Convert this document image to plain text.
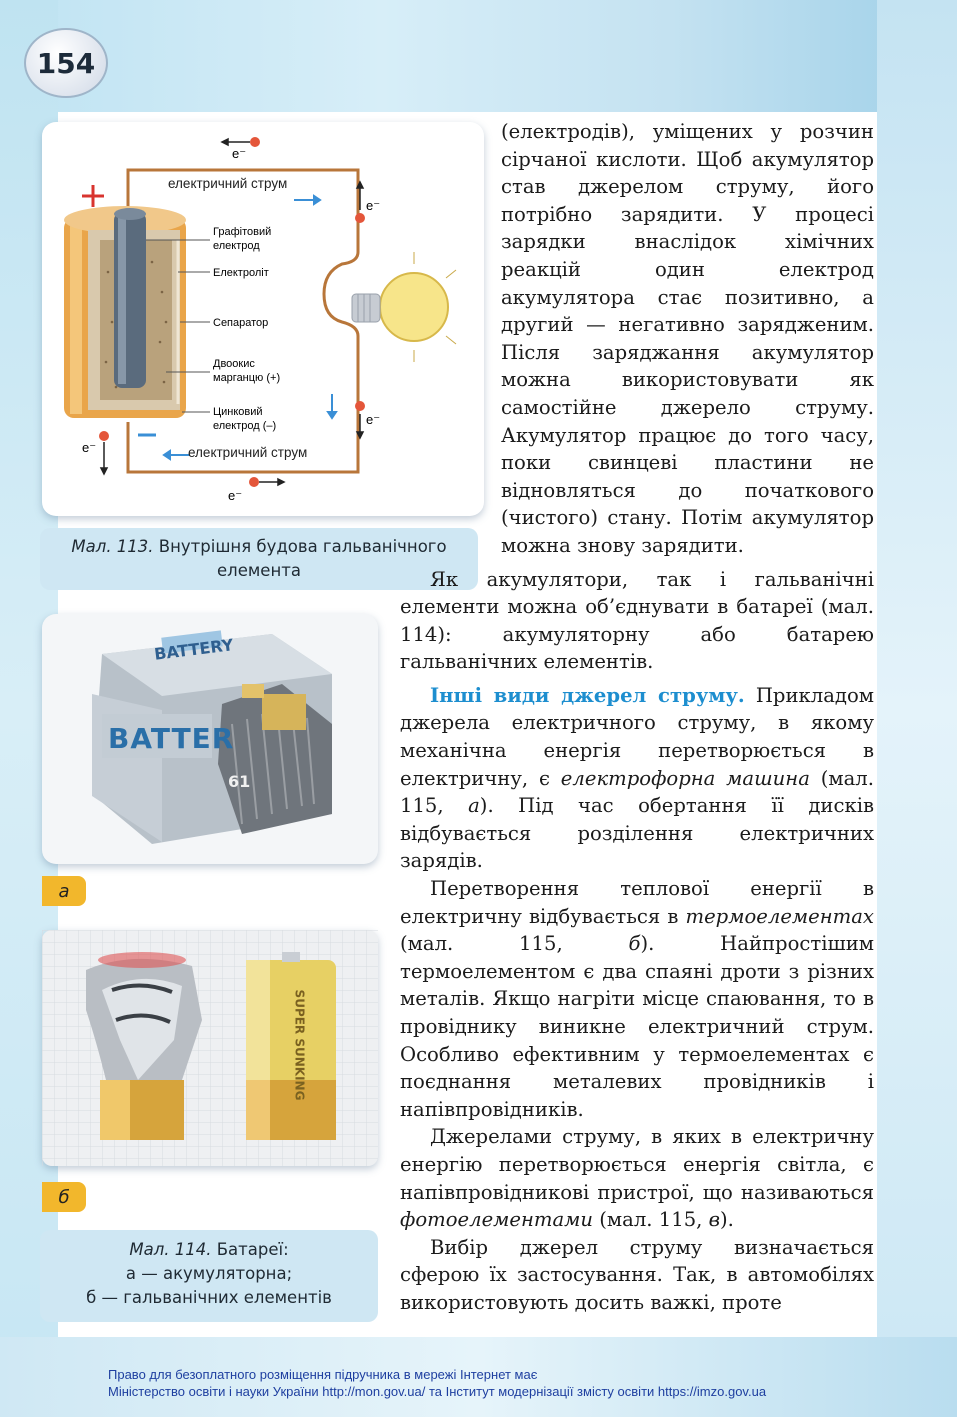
154
e⁻
електричний струм
e⁻
Графітовий
електрод
Електроліт
Сепаратор
Двоокис
марганцю (+)
Цинковий
електрод (–)	e⁻
e⁻	електричний струм
e⁻
Мал. 113. Внутрішня будова гальванічного елемента
BATTERY
BATTER
61
а
SUPER SUNKING
б
Мал. 114. Батареї:
а — акумуляторна;
б — гальванічних елементів

(електродів), уміщених у розчин сірчаної кислоти. Щоб акумулятор став джерелом струму, його потрібно зарядити. У процесі зарядки внаслідок хімічних реакцій один електрод акумулятора стає позитивно, а другий — негативно зарядженим. Після заряджання акумулятор можна використовувати як самостійне джерело струму. Акумулятор працює до того часу, поки свинцеві пластини не відновляться до початкового (чистого) стану. Потім акумулятор можна знову зарядити.

Як акумулятори, так і гальванічні елементи можна об’єднувати в батареї (мал. 114): акумуляторну або батарею гальванічних елементів.

Інші види джерел струму. Прикладом джерела електричного струму, в якому механічна енергія перетворюється в електричну, є електрофорна машина (мал. 115, а). Під час обертання її дисків відбувається розділення електричних зарядів.

Перетворення теплової енергії в електричну відбувається в термоелементах (мал. 115, б). Найпростішим термоелементом є два спаяні дроти з різних металів. Якщо нагріти місце спаювання, то в провіднику виникне електричний струм. Особливо ефективним у термоелементах є поєднання металевих провідників і напівпровідників.

Джерелами струму, в яких в електричну енергію перетворюється енергія світла, є напівпровідникові пристрої, що називаються фотоелементами (мал. 115, в).

Вибір джерел струму визначається сферою їх застосування. Так, в автомобілях використовують досить важкі, проте

Право для безоплатного розміщення підручника в мережі Інтернет має
Міністерство освіти і науки України http://mon.gov.ua/ та Інститут модернізації змісту освіти https://imzo.gov.ua
